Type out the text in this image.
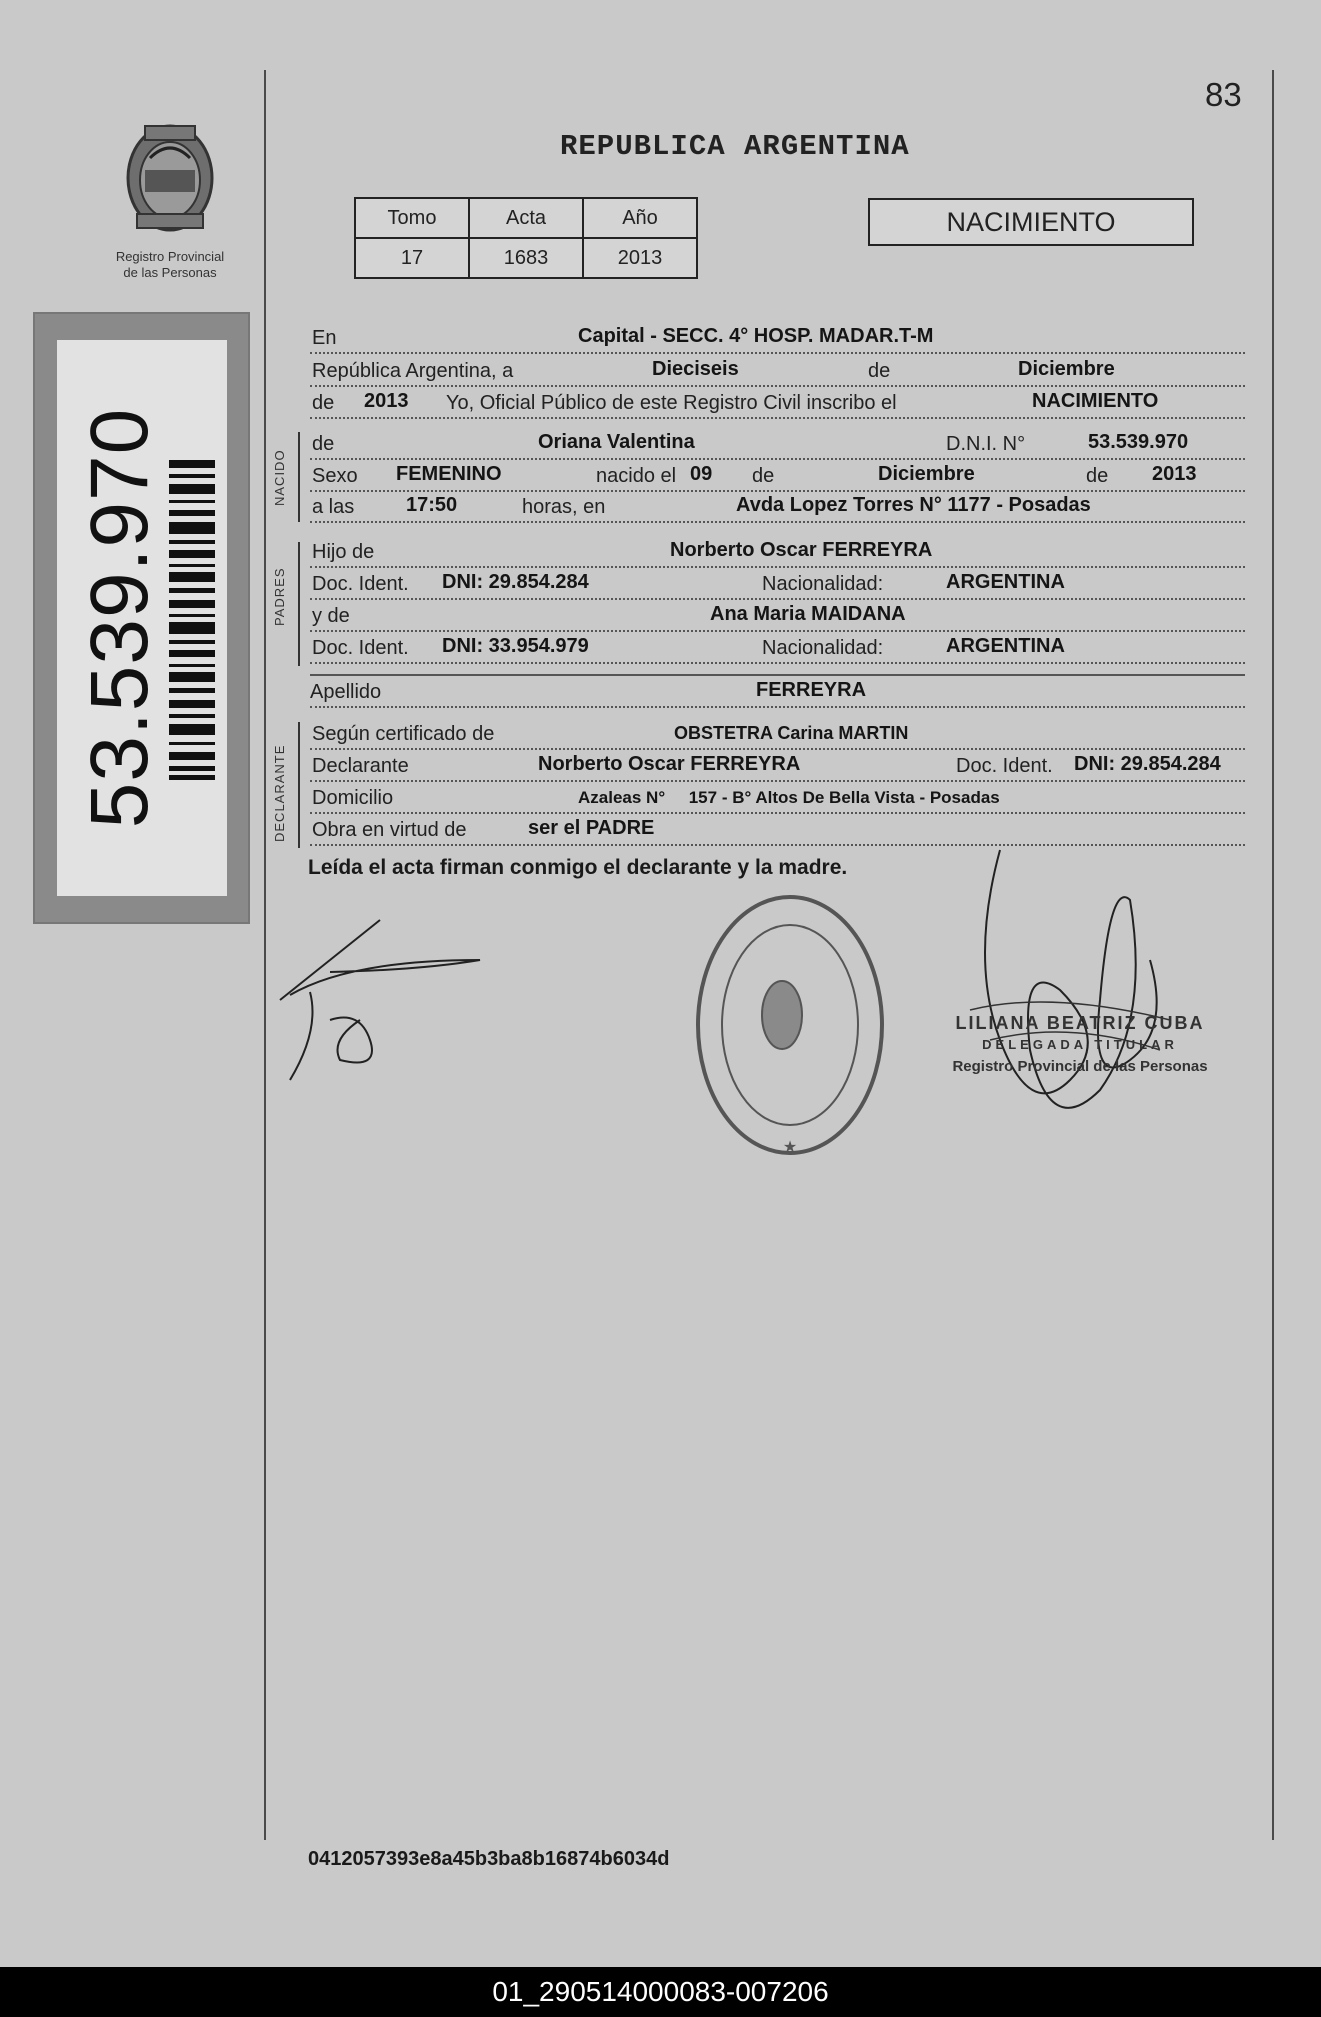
83
REPUBLICA ARGENTINA
Registro Provincial
de las Personas
53.539.970
Tomo	Acta	Año
17	1683	2013
NACIMIENTO
En	Capital - SECC. 4° HOSP. MADAR.T-M
República Argentina, a	Dieciseis	de	Diciembre
de 2013 Yo, Oficial Público de este Registro Civil inscribo el	NACIMIENTO
NACIDO
de	Oriana Valentina	D.N.I. N°	53.539.970
Sexo FEMENINO	nacido el 09 de	Diciembre	de 2013
a las	17:50	horas, en	Avda Lopez Torres N° 1177 - Posadas
PADRES
Hijo de	Norberto Oscar FERREYRA
Doc. Ident. DNI: 29.854.284	Nacionalidad:	ARGENTINA
y de	Ana Maria MAIDANA
Doc. Ident. DNI: 33.954.979	Nacionalidad:	ARGENTINA
Apellido	FERREYRA
DECLARANTE
Según certificado de	OBSTETRA Carina MARTIN
Declarante	Norberto Oscar FERREYRA	Doc. Ident. DNI: 29.854.284
Domicilio	Azaleas N°     157 - B° Altos De Bella Vista - Posadas
Obra en virtud de	ser el PADRE
Leída el acta firman conmigo el declarante y la madre.
★
LILIANA BEATRIZ CUBA
DELEGADA TITULAR
Registro Provincial de las Personas
0412057393e8a45b3ba8b16874b6034d
01_290514000083-007206
